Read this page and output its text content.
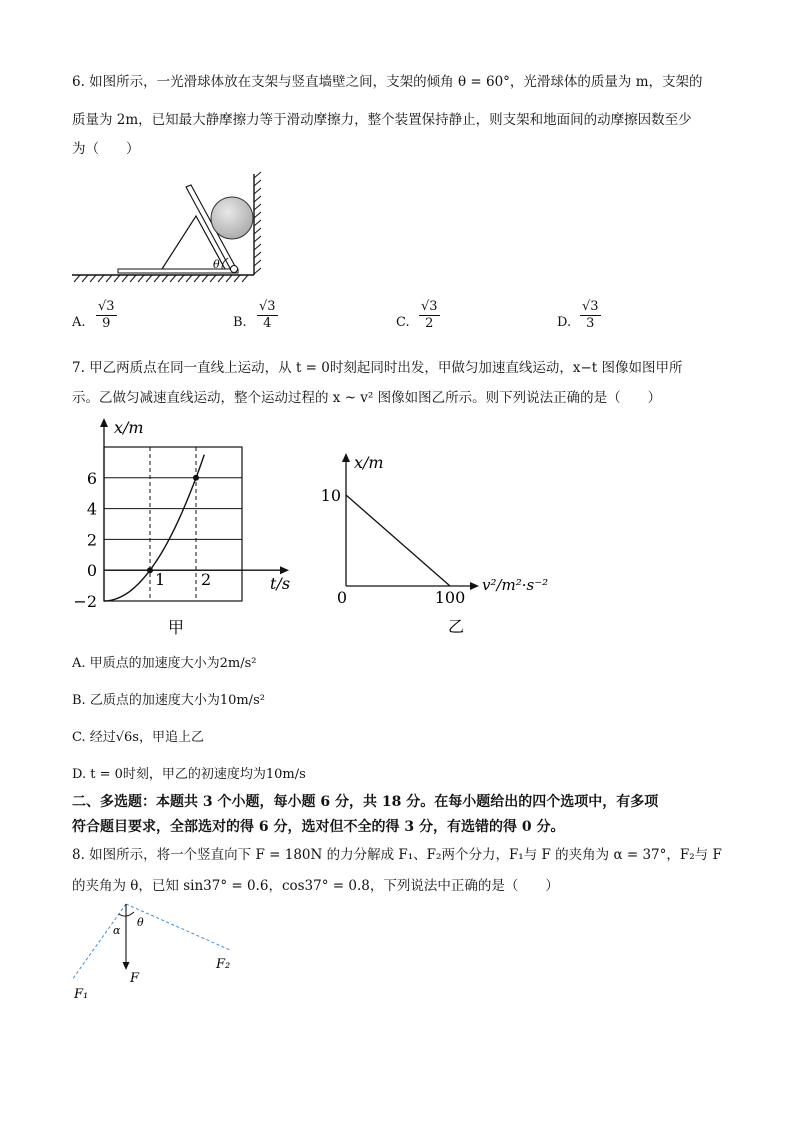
6. 如图所示，一光滑球体放在支架与竖直墙壁之间，支架的倾角 θ = 60°，光滑球体的质量为 m，支架的
质量为 2m，已知最大静摩擦力等于滑动摩擦力，整个装置保持静止，则支架和地面间的动摩擦因数至少
为（　　）
θ
A. $\frac{√3}{9}$	B. $\frac{√3}{4}$	C. $\frac{√3}{2}$	D. $\frac{√3}{3}$
7. 甲乙两质点在同一直线上运动，从 t = 0时刻起同时出发，甲做匀加速直线运动，x−t 图像如图甲所
示。乙做匀减速直线运动，整个运动过程的 x ~ v² 图像如图乙所示。则下列说法正确的是（　　）
6
4
2
0
−2
1 2
x/m
t/s
甲
x/m
10
0	100
v²/m²·s⁻²
乙
A. 甲质点的加速度大小为2m/s²
B. 乙质点的加速度大小为10m/s²
C. 经过√6s，甲追上乙
D. t = 0时刻，甲乙的初速度均为10m/s
二、多选题：本题共 3 个小题，每小题 6 分，共 18 分。在每小题给出的四个选项中，有多项
符合题目要求，全部选对的得 6 分，选对但不全的得 3 分，有选错的得 0 分。
8. 如图所示，将一个竖直向下 F = 180N 的力分解成 F₁、F₂两个分力，F₁与 F 的夹角为 α = 37°，F₂与 F
的夹角为 θ，已知 sin37° = 0.6，cos37° = 0.8，下列说法中正确的是（　　）
α
θ
F
F₂
F₁
